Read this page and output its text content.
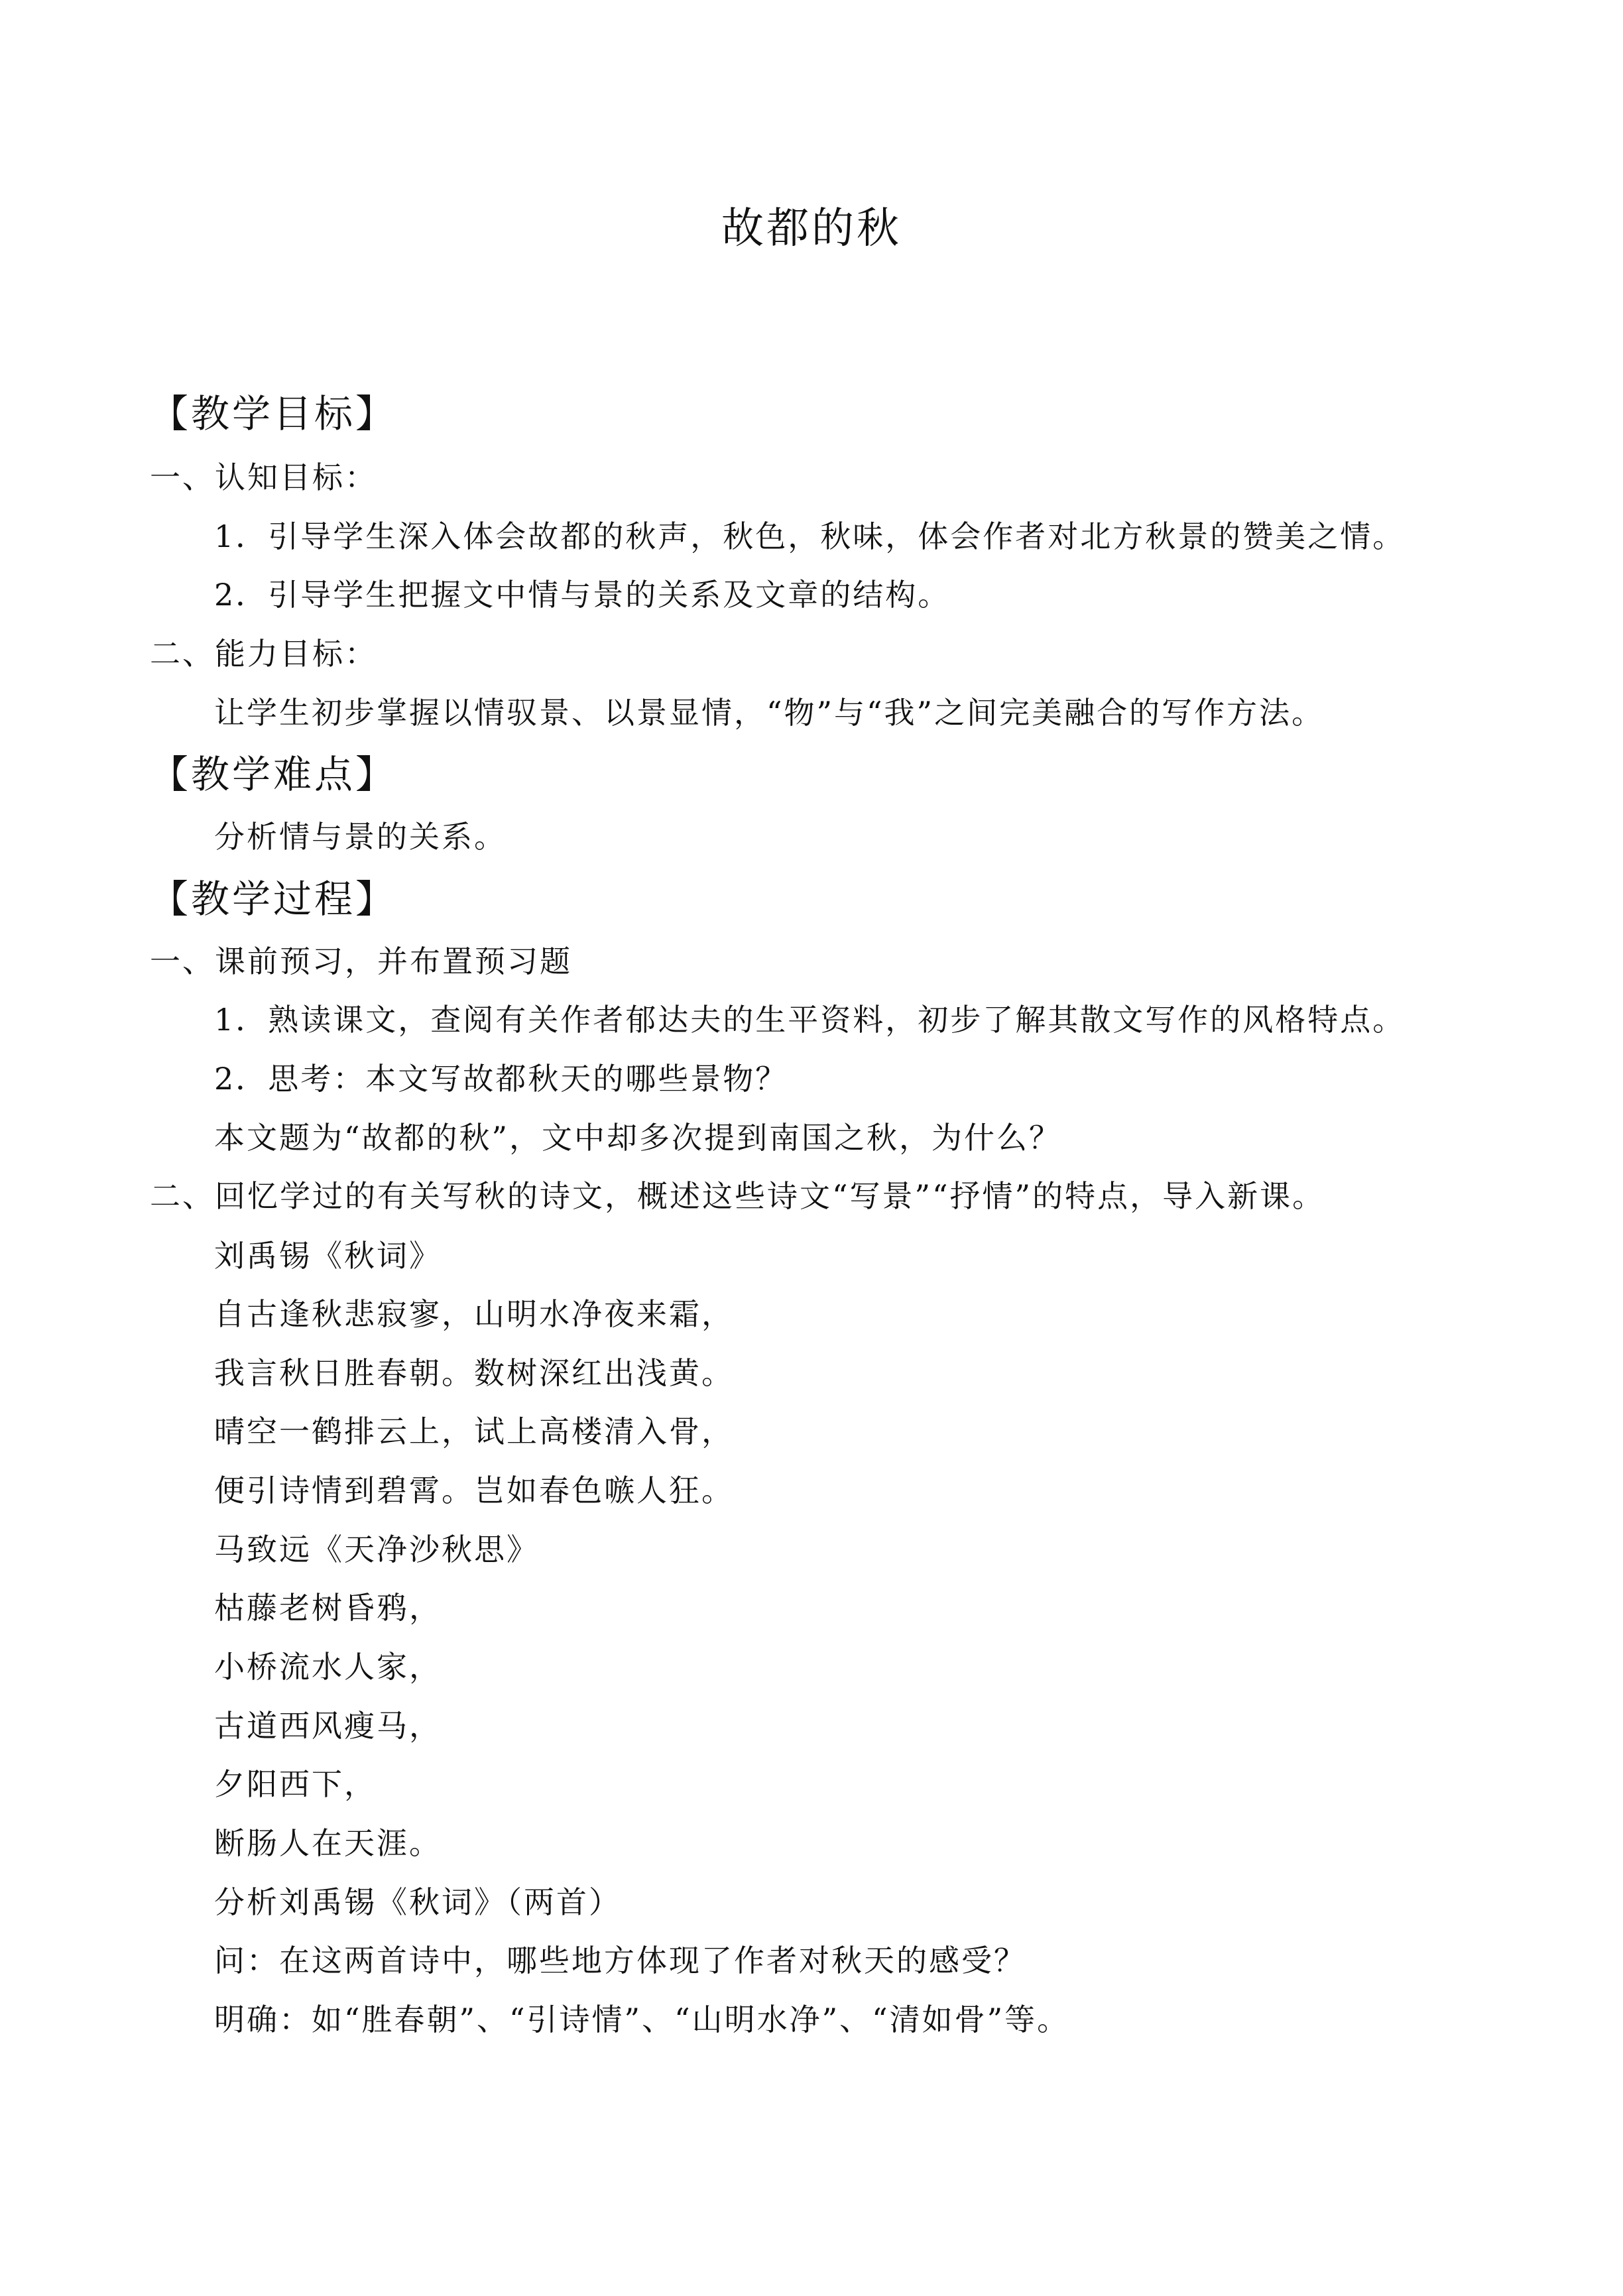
故都的秋
【教学目标】
一、认知目标：
1．引导学生深入体会故都的秋声，秋色，秋味，体会作者对北方秋景的赞美之情。
2．引导学生把握文中情与景的关系及文章的结构。
二、能力目标：
让学生初步掌握以情驭景、以景显情，“物”与“我”之间完美融合的写作方法。
【教学难点】
分析情与景的关系。
【教学过程】
一、课前预习，并布置预习题
1．熟读课文，查阅有关作者郁达夫的生平资料，初步了解其散文写作的风格特点。
2．思考：本文写故都秋天的哪些景物？
本文题为“故都的秋”，文中却多次提到南国之秋，为什么？
二、回忆学过的有关写秋的诗文，概述这些诗文“写景”“抒情”的特点，导入新课。
刘禹锡《秋词》
自古逢秋悲寂寥，山明水净夜来霜，
我言秋日胜春朝。数树深红出浅黄。
晴空一鹤排云上，试上高楼清入骨，
便引诗情到碧霄。岂如春色嗾人狂。
马致远《天净沙秋思》
枯藤老树昏鸦，
小桥流水人家，
古道西风瘦马，
夕阳西下，
断肠人在天涯。
分析刘禹锡《秋词》（两首）
问：在这两首诗中，哪些地方体现了作者对秋天的感受？
明确：如“胜春朝”、“引诗情”、“山明水净”、“清如骨”等。
